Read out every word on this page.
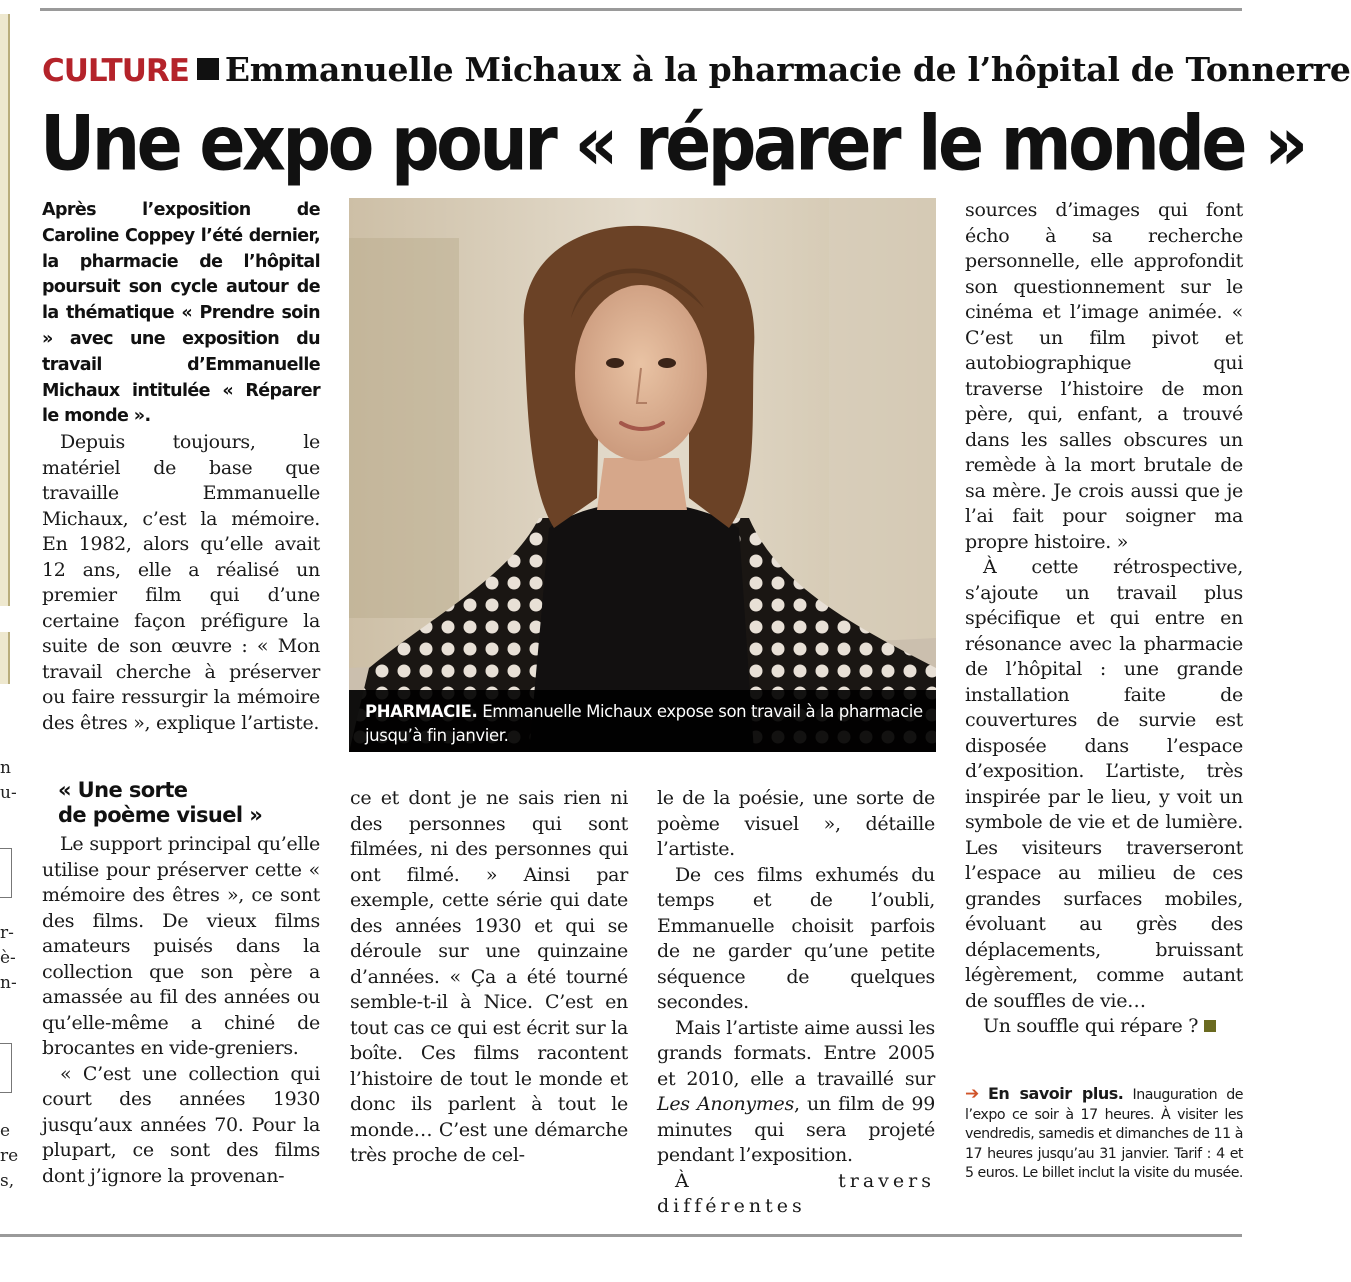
n
u-
r-
è-
n-
e
re
s,
CULTURE Emmanuelle Michaux à la pharmacie de l’hôpital de Tonnerre
Une expo pour « réparer le monde »
Après l’exposition de Caroline Coppey l’été dernier, la pharmacie de l’hôpital poursuit son cycle autour de la thématique « Prendre soin » avec une exposition du travail d’Emmanuelle Michaux intitulée « Réparer le monde ».

Depuis toujours, le matériel de base que travaille Emmanuelle Michaux, c’est la mémoire. En 1982, alors qu’elle avait 12 ans, elle a réalisé un premier film qui d’une certaine façon préfigure la suite de son œuvre : « Mon travail cherche à préserver ou faire ressurgir la mémoire des êtres », explique l’artiste.

« Une sorte
de poème visuel »

Le support principal qu’elle utilise pour préserver cette « mémoire des êtres », ce sont des films. De vieux films amateurs puisés dans la collection que son père a amassée au fil des années ou qu’elle-même a chiné de brocantes en vide-greniers.

« C’est une collection qui court des années 1930 jusqu’aux années 70. Pour la plupart, ce sont des films dont j’ignore la provenan-

PHARMACIE. Emmanuelle Michaux expose son travail à la pharmacie jusqu’à fin janvier.

ce et dont je ne sais rien ni des personnes qui sont filmées, ni des personnes qui ont filmé. » Ainsi par exemple, cette série qui date des années 1930 et qui se déroule sur une quinzaine d’années. « Ça a été tourné semble-t-il à Nice. C’est en tout cas ce qui est écrit sur la boîte. Ces films racontent l’histoire de tout le monde et donc ils parlent à tout le monde… C’est une démarche très proche de cel-

le de la poésie, une sorte de poème visuel », détaille l’artiste.

De ces films exhumés du temps et de l’oubli, Emmanuelle choisit parfois de ne garder qu’une petite séquence de quelques secondes.

Mais l’artiste aime aussi les grands formats. Entre 2005 et 2010, elle a travaillé sur Les Anonymes, un film de 99 minutes qui sera projeté pendant l’exposition.

À travers différentes

sources d’images qui font écho à sa recherche personnelle, elle approfondit son questionnement sur le cinéma et l’image animée. « C’est un film pivot et autobiographique qui traverse l’histoire de mon père, qui, enfant, a trouvé dans les salles obscures un remède à la mort brutale de sa mère. Je crois aussi que je l’ai fait pour soigner ma propre histoire. »

À cette rétrospective, s’ajoute un travail plus spécifique et qui entre en résonance avec la pharmacie de l’hôpital : une grande installation faite de couvertures de survie est disposée dans l’espace d’exposition. L’artiste, très inspirée par le lieu, y voit un symbole de vie et de lumière. Les visiteurs traverseront l’espace au milieu de ces grandes surfaces mobiles, évoluant au grès des déplacements, bruissant légèrement, comme autant de souffles de vie…

Un souffle qui répare ?

➔ En savoir plus. Inauguration de l’expo ce soir à 17 heures. À visiter les vendredis, samedis et dimanches de 11 à 17 heures jusqu’au 31 janvier. Tarif : 4 et 5 euros. Le billet inclut la visite du musée.
